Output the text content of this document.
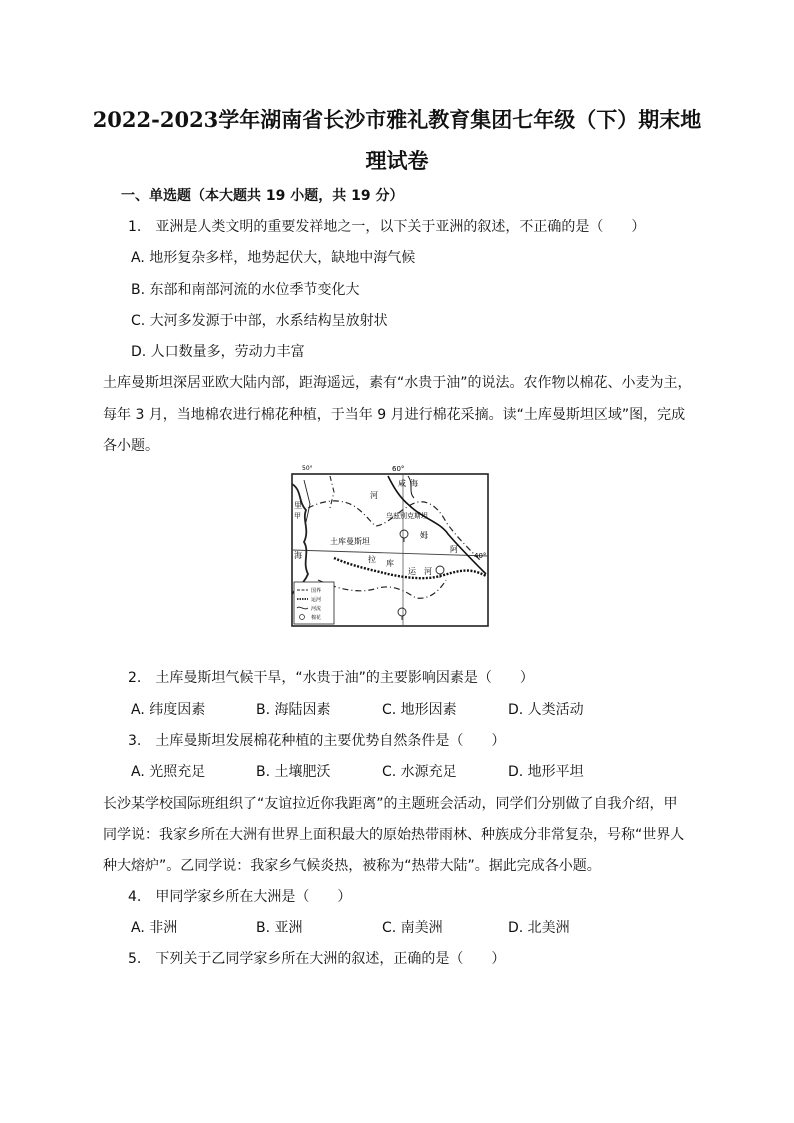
2022-2023学年湖南省长沙市雅礼教育集团七年级（下）期末地
理试卷
一、单选题（本大题共 19 小题，共 19 分）
1.　亚洲是人类文明的重要发祥地之一，以下关于亚洲的叙述，不正确的是（　　）
A. 地形复杂多样，地势起伏大，缺地中海气候
B. 东部和南部河流的水位季节变化大
C. 大河多发源于中部，水系结构呈放射状
D. 人口数量多，劳动力丰富
土库曼斯坦深居亚欧大陆内部，距海遥远，素有“水贵于油”的说法。农作物以棉花、小麦为主，
每年 3 月，当地棉农进行棉花种植，于当年 9 月进行棉花采摘。读“土库曼斯坦区域”图，完成
各小题。
50°	60°
40°
土库曼斯坦
乌兹别克斯坦
河
咸 海
姆
阿
拉 库
运 河
里
海
甲
国界
运河
河流
棉花
2.　土库曼斯坦气候干旱，“水贵于油”的主要影响因素是（　　）
A. 纬度因素	B. 海陆因素	C. 地形因素	D. 人类活动
3.　土库曼斯坦发展棉花种植的主要优势自然条件是（　　）
A. 光照充足	B. 土壤肥沃	C. 水源充足	D. 地形平坦
长沙某学校国际班组织了“友谊拉近你我距离”的主题班会活动，同学们分别做了自我介绍，甲
同学说：我家乡所在大洲有世界上面积最大的原始热带雨林、种族成分非常复杂，号称“世界人
种大熔炉”。乙同学说：我家乡气候炎热，被称为“热带大陆”。据此完成各小题。
4.　甲同学家乡所在大洲是（　　）
A. 非洲	B. 亚洲	C. 南美洲	D. 北美洲
5.　下列关于乙同学家乡所在大洲的叙述，正确的是（　　）
